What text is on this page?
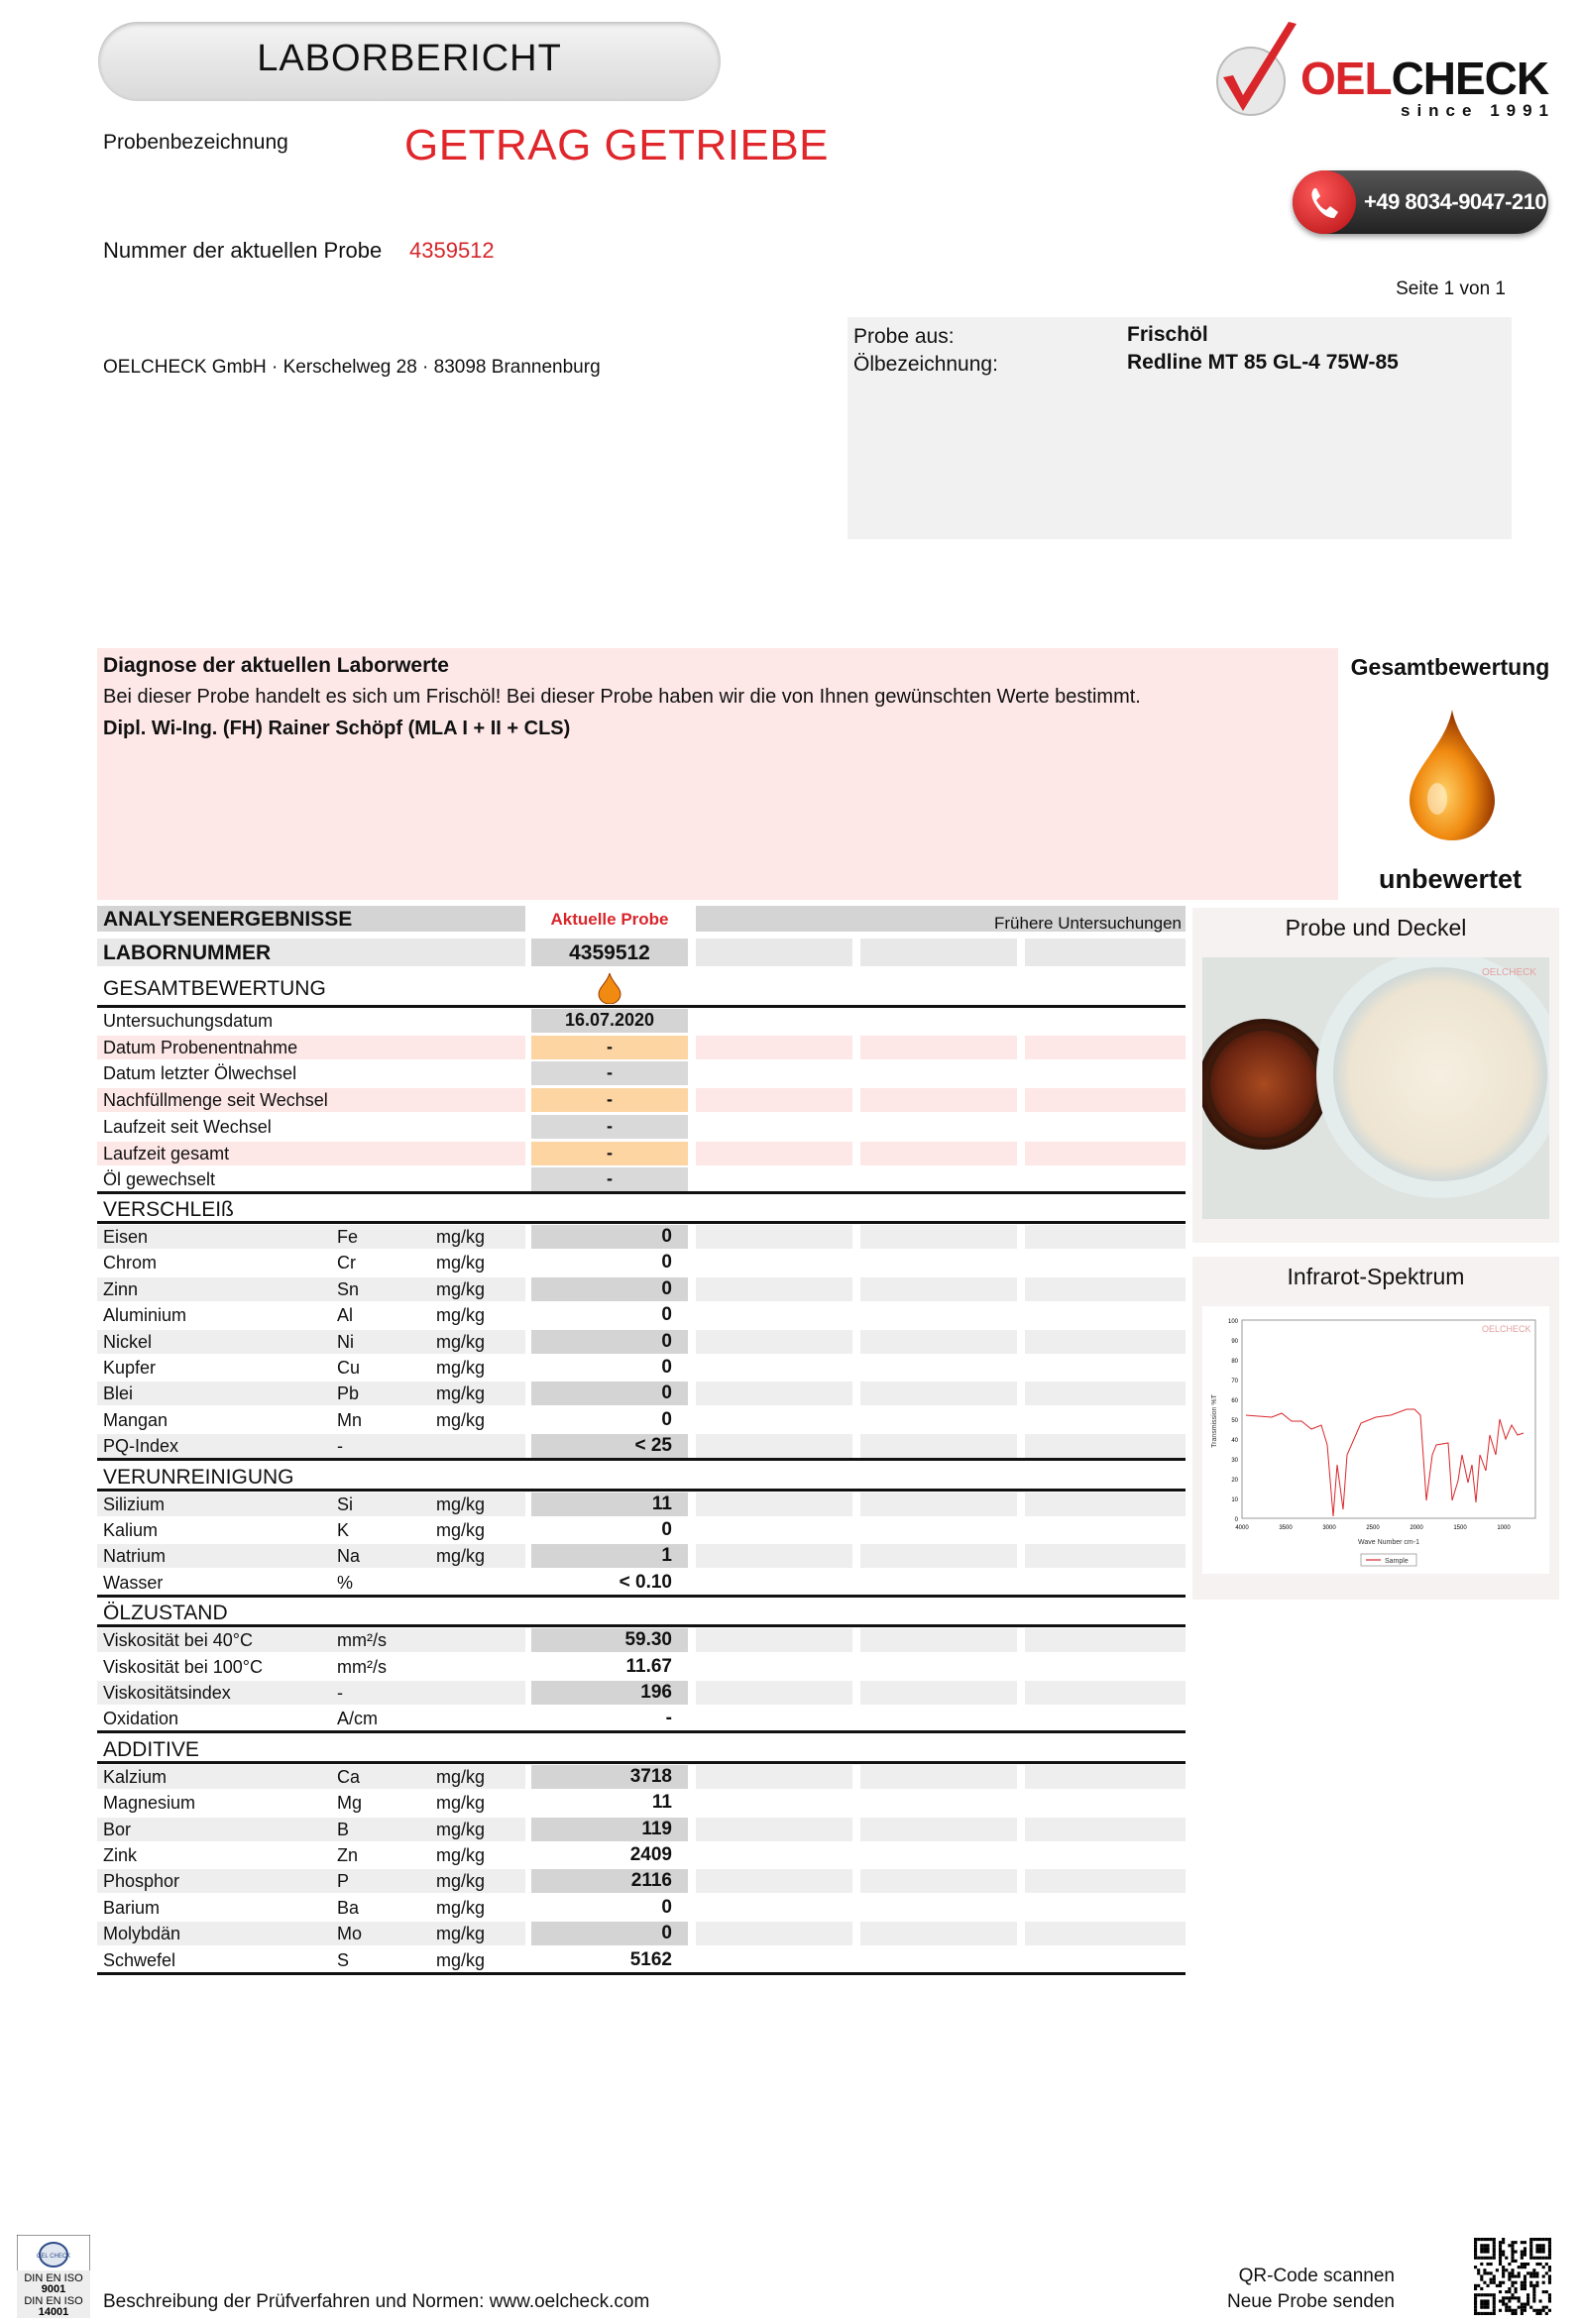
LABORBERICHT
Probenbezeichnung	GETRAG GETRIEBE
Nummer der aktuellen Probe 4359512
OELCHECK GmbH · Kerschelweg 28 · 83098 Brannenburg
Seite 1 von 1
OELCHECK
since 1991
+49 8034-9047-210
Probe aus:	Frischöl
Ölbezeichnung:	Redline MT 85 GL-4 75W-85
Diagnose der aktuellen Laborwerte
Bei dieser Probe handelt es sich um Frischöl! Bei dieser Probe haben wir die von Ihnen gewünschten Werte bestimmt.
Dipl. Wi-Ing. (FH) Rainer Schöpf (MLA I + II + CLS)
Gesamtbewertung
unbewertet
ANALYSENERGEBNISSE	Aktuelle Probe	Frühere Untersuchungen
LABORNUMMER	4359512
GESAMTBEWERTUNG
Untersuchungsdatum	16.07.2020
Datum Probenentnahme	-
Datum letzter Ölwechsel	-
Nachfüllmenge seit Wechsel	-
Laufzeit seit Wechsel	-
Laufzeit gesamt	-
Öl gewechselt	-
VERSCHLEIß
Eisen	Fe	mg/kg	0
Chrom	Cr	mg/kg	0
Zinn	Sn	mg/kg	0
Aluminium	Al	mg/kg	0
Nickel	Ni	mg/kg	0
Kupfer	Cu	mg/kg	0
Blei	Pb	mg/kg	0
Mangan	Mn	mg/kg	0
PQ-Index	-	< 25
VERUNREINIGUNG
Silizium	Si	mg/kg	11
Kalium	K	mg/kg	0
Natrium	Na	mg/kg	1
Wasser	%	< 0.10
ÖLZUSTAND
Viskosität bei 40°C	mm²/s	59.30
Viskosität bei 100°C	mm²/s	11.67
Viskositätsindex	-	196
Oxidation	A/cm	-
ADDITIVE
Kalzium	Ca	mg/kg	3718
Magnesium	Mg	mg/kg	11
Bor	B	mg/kg	119
Zink	Zn	mg/kg	2409
Phosphor	P	mg/kg	2116
Barium	Ba	mg/kg	0
Molybdän	Mo	mg/kg	0
Schwefel	S	mg/kg	5162
Probe und Deckel
OELCHECK
Infrarot-Spektrum
100
90
80
70
60
50
40
30
20
10
0
4000	3500	3000	2500	2000	1500	1000
Transmission %T
Wave Number cm-1
OELCHECK
Sample
OEL CHECK
DIN EN ISO
9001
DIN EN ISO
14001 Beschreibung der Prüfverfahren und Normen: www.oelcheck.com
QR-Code scannen
Neue Probe senden
